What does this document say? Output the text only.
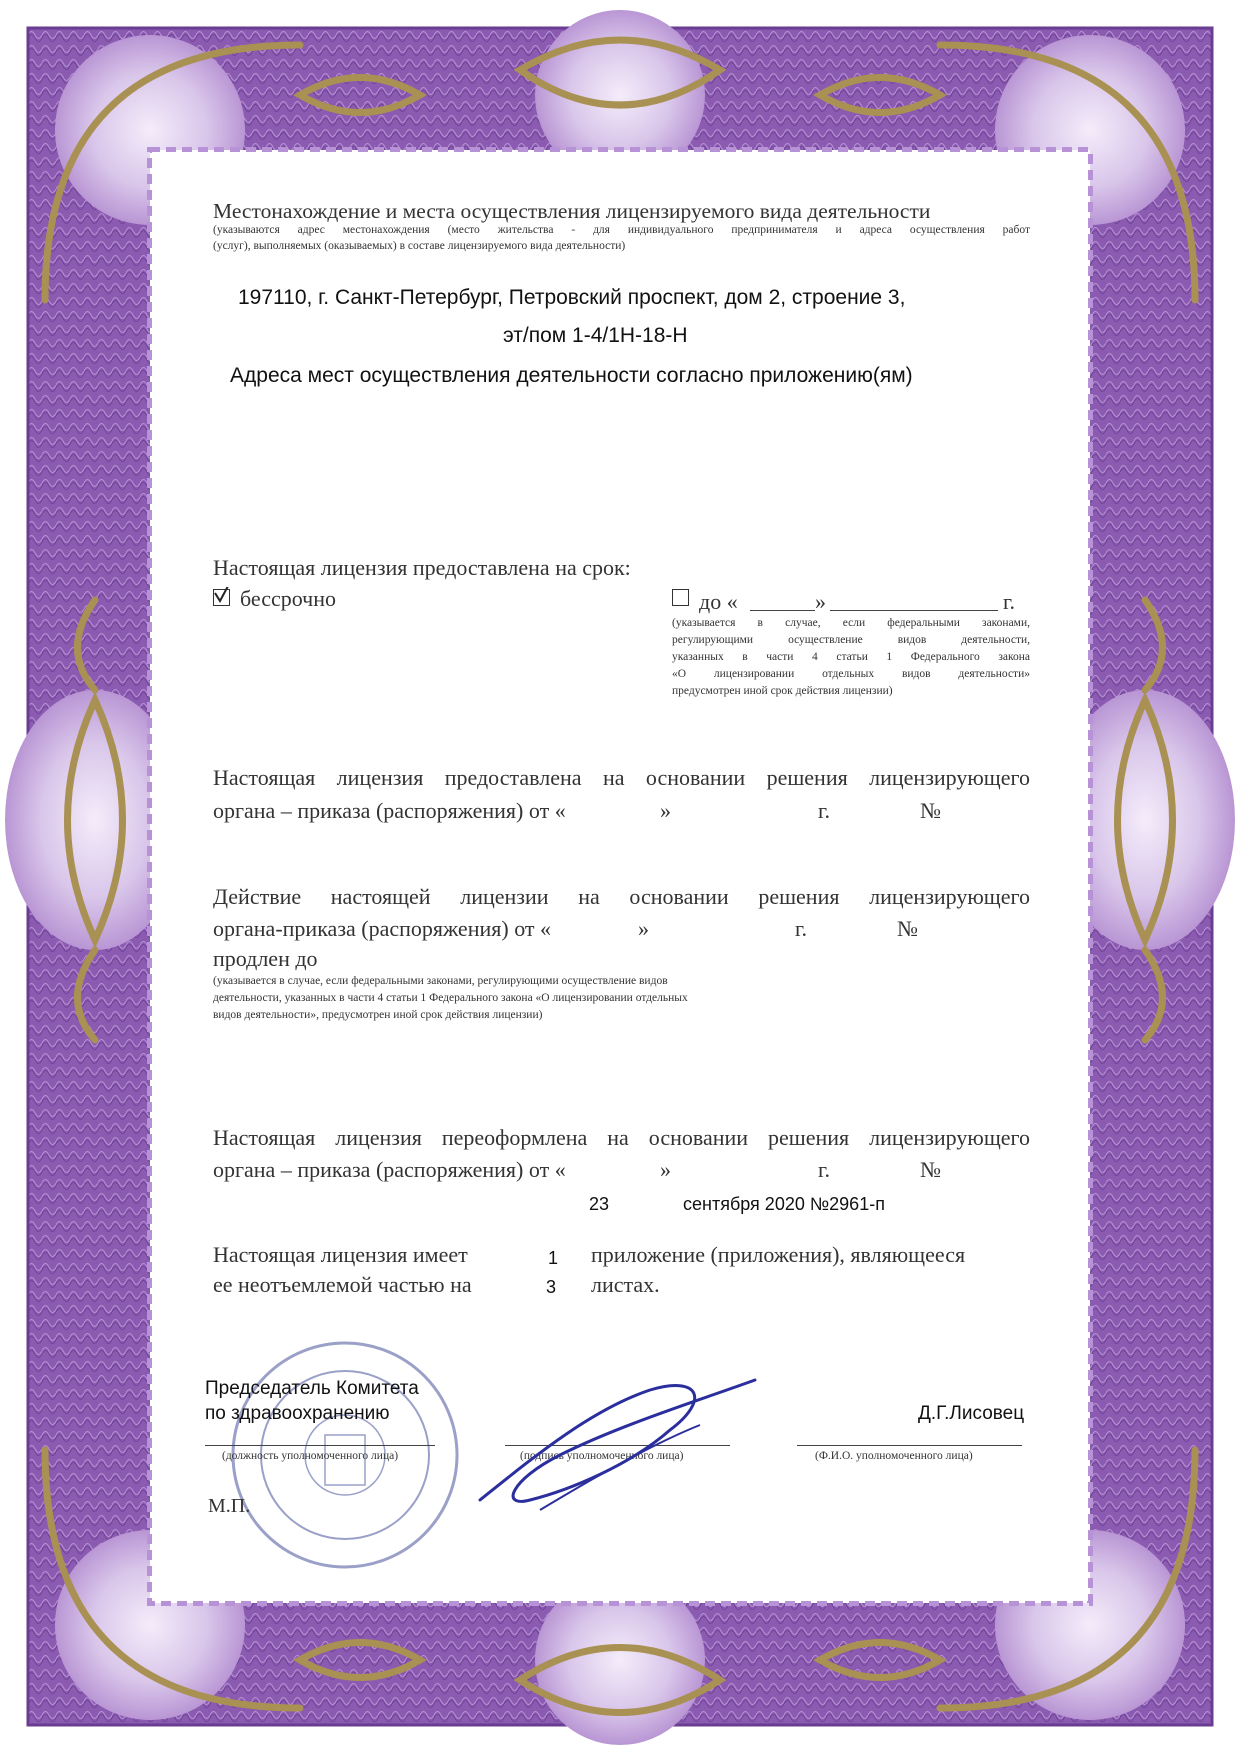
Местонахождение и места осуществления лицензируемого вида деятельности
(указываются адрес местонахождения (место жительства - для индивидуального предпринимателя и адреса осуществления работ
(услуг), выполняемых (оказываемых) в составе лицензируемого вида деятельности)
197110, г. Санкт-Петербург, Петровский проспект, дом 2, строение 3,
эт/пом 1-4/1Н-18-Н
Адреса мест осуществления деятельности согласно приложению(ям)
Настоящая лицензия предоставлена на срок:
бессрочно	до «	»	г.
(указывается в случае, если федеральными законами,
регулирующими осуществление видов деятельности,
указанных в части 4 статьи 1 Федерального закона
«О лицензировании отдельных видов деятельности»
предусмотрен иной срок действия лицензии)
Настоящая лицензия предоставлена на основании решения лицензирующего
органа – приказа (распоряжения) от «	»	г.	№
Действие настоящей лицензии на основании решения лицензирующего
органа-приказа (распоряжения) от «	»	г.	№
продлен до
(указывается в случае, если федеральными законами, регулирующими осуществление видов
деятельности, указанных в части 4 статьи 1 Федерального закона «О лицензировании отдельных
видов деятельности», предусмотрен иной срок действия лицензии)
Настоящая лицензия переоформлена на основании решения лицензирующего
органа – приказа (распоряжения) от «	»	г.	№
23	сентября 2020 №2961-п
Настоящая лицензия имеет	1 приложение (приложения), являющееся
ее неотъемлемой частью на	3 листах.
Председатель Комитета
по здравоохранению
(должность уполномоченного лица)	(подпись уполномоченного лица)
Д.Г.Лисовец
(Ф.И.О. уполномоченного лица)
М.П.
